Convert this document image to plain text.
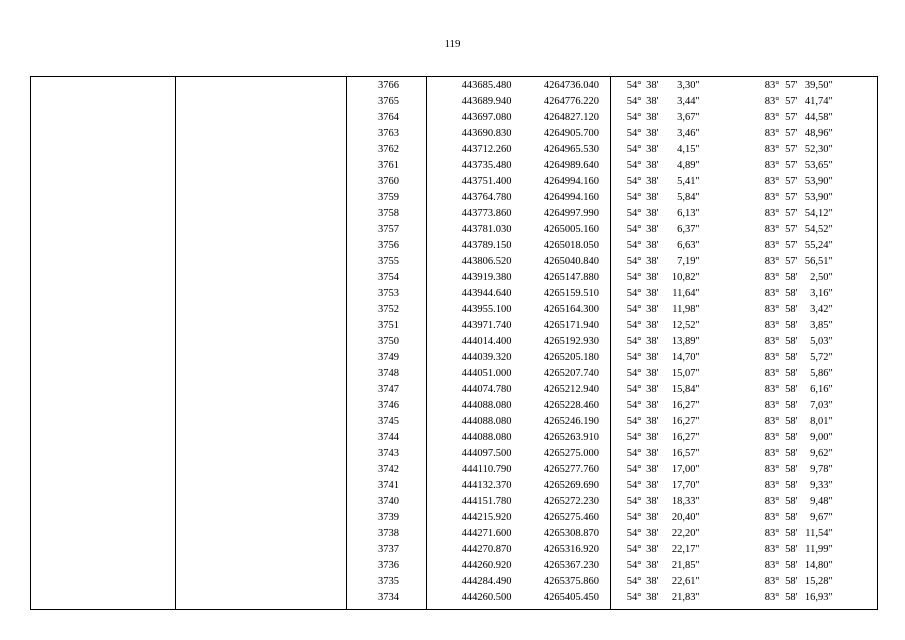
119
		3766	443685.480	4264736.040	54°	38'	3,30	"	83°	57'	39,50	"
		3765	443689.940	4264776.220	54°	38'	3,44	"	83°	57'	41,74	"
		3764	443697.080	4264827.120	54°	38'	3,67	"	83°	57'	44,58	"
		3763	443690.830	4264905.700	54°	38'	3,46	"	83°	57'	48,96	"
		3762	443712.260	4264965.530	54°	38'	4,15	"	83°	57'	52,30	"
		3761	443735.480	4264989.640	54°	38'	4,89	"	83°	57'	53,65	"
		3760	443751.400	4264994.160	54°	38'	5,41	"	83°	57'	53,90	"
		3759	443764.780	4264994.160	54°	38'	5,84	"	83°	57'	53,90	"
		3758	443773.860	4264997.990	54°	38'	6,13	"	83°	57'	54,12	"
		3757	443781.030	4265005.160	54°	38'	6,37	"	83°	57'	54,52	"
		3756	443789.150	4265018.050	54°	38'	6,63	"	83°	57'	55,24	"
		3755	443806.520	4265040.840	54°	38'	7,19	"	83°	57'	56,51	"
		3754	443919.380	4265147.880	54°	38'	10,82	"	83°	58'	2,50	"
		3753	443944.640	4265159.510	54°	38'	11,64	"	83°	58'	3,16	"
		3752	443955.100	4265164.300	54°	38'	11,98	"	83°	58'	3,42	"
		3751	443971.740	4265171.940	54°	38'	12,52	"	83°	58'	3,85	"
		3750	444014.400	4265192.930	54°	38'	13,89	"	83°	58'	5,03	"
		3749	444039.320	4265205.180	54°	38'	14,70	"	83°	58'	5,72	"
		3748	444051.000	4265207.740	54°	38'	15,07	"	83°	58'	5,86	"
		3747	444074.780	4265212.940	54°	38'	15,84	"	83°	58'	6,16	"
		3746	444088.080	4265228.460	54°	38'	16,27	"	83°	58'	7,03	"
		3745	444088.080	4265246.190	54°	38'	16,27	"	83°	58'	8,01	"
		3744	444088.080	4265263.910	54°	38'	16,27	"	83°	58'	9,00	"
		3743	444097.500	4265275.000	54°	38'	16,57	"	83°	58'	9,62	"
		3742	444110.790	4265277.760	54°	38'	17,00	"	83°	58'	9,78	"
		3741	444132.370	4265269.690	54°	38'	17,70	"	83°	58'	9,33	"
		3740	444151.780	4265272.230	54°	38'	18,33	"	83°	58'	9,48	"
		3739	444215.920	4265275.460	54°	38'	20,40	"	83°	58'	9,67	"
		3738	444271.600	4265308.870	54°	38'	22,20	"	83°	58'	11,54	"
		3737	444270.870	4265316.920	54°	38'	22,17	"	83°	58'	11,99	"
		3736	444260.920	4265367.230	54°	38'	21,85	"	83°	58'	14,80	"
		3735	444284.490	4265375.860	54°	38'	22,61	"	83°	58'	15,28	"
		3734	444260.500	4265405.450	54°	38'	21,83	"	83°	58'	16,93	"
